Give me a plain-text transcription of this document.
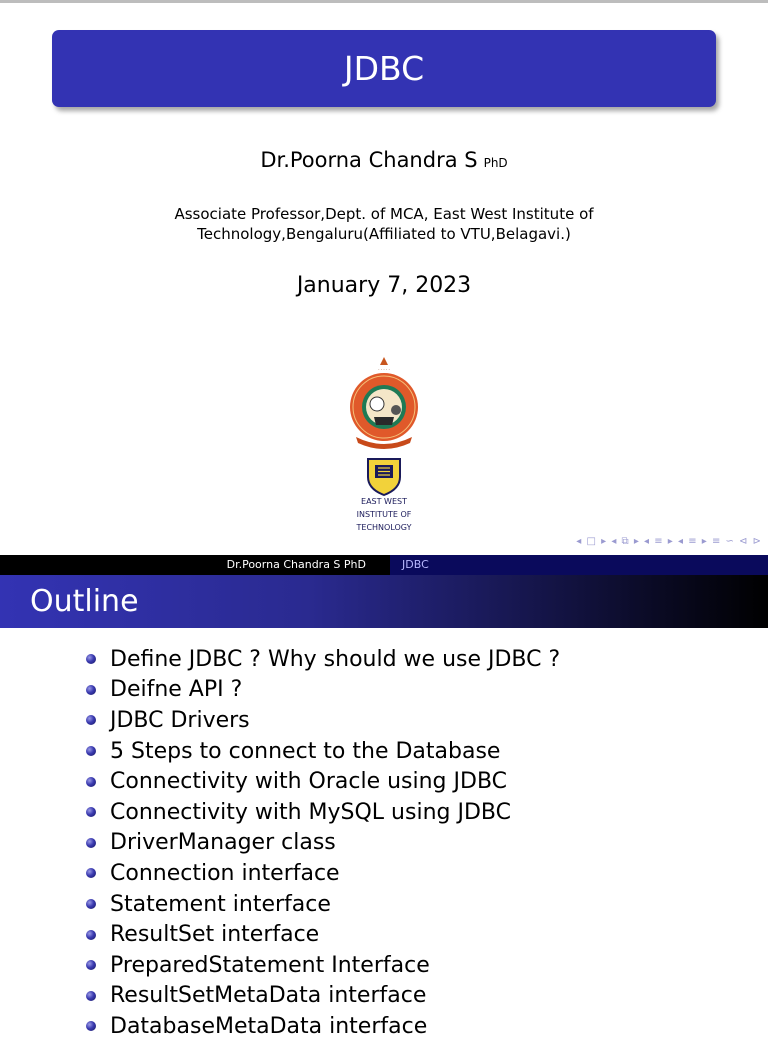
JDBC
Dr.Poorna Chandra S PhD
Associate Professor,Dept. of MCA, East West Institute of
Technology,Bengaluru(Affiliated to VTU,Belagavi.)
January 7, 2023
· · · · ·
EAST WEST
INSTITUTE OF
TECHNOLOGY
◂ □ ▸ ◂ ⧉ ▸ ◂ ≡ ▸ ◂ ≡ ▸ ≡ ∽ ⊲ ⊳
Dr.Poorna Chandra S PhD	JDBC
Outline
Define JDBC ? Why should we use JDBC ?
Deifne API ?
JDBC Drivers
5 Steps to connect to the Database
Connectivity with Oracle using JDBC
Connectivity with MySQL using JDBC
DriverManager class
Connection interface
Statement interface
ResultSet interface
PreparedStatement Interface
ResultSetMetaData interface
DatabaseMetaData interface
